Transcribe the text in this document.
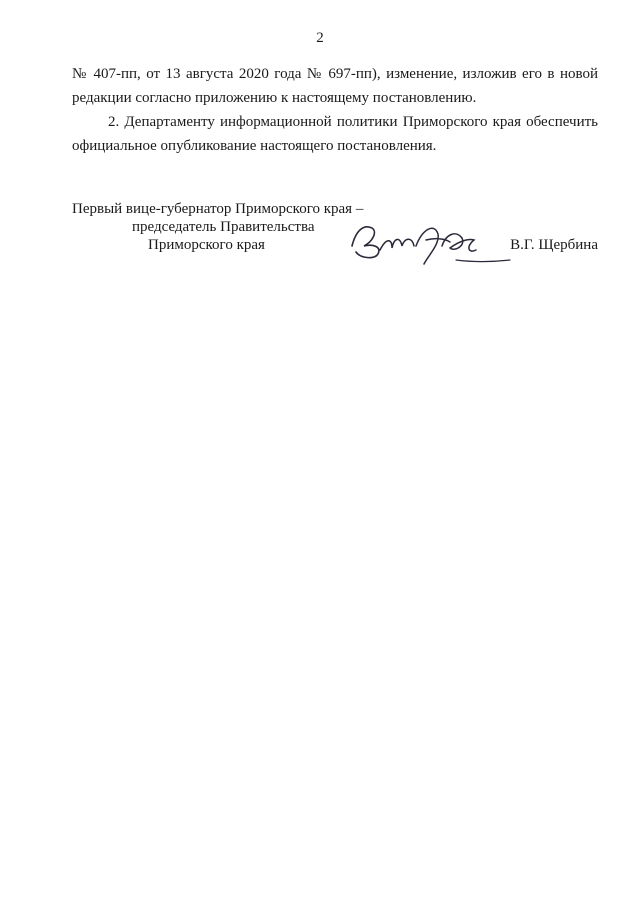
2

№ 407-пп, от 13 августа 2020 года № 697-пп), изменение, изложив его в новой редакции согласно приложению к настоящему постановлению.

2. Департаменту информационной политики Приморского края обеспечить официальное опубликование настоящего постановления.

Первый вице-губернатор Приморского края –
председатель Правительства
Приморского края	В.Г. Щербина
